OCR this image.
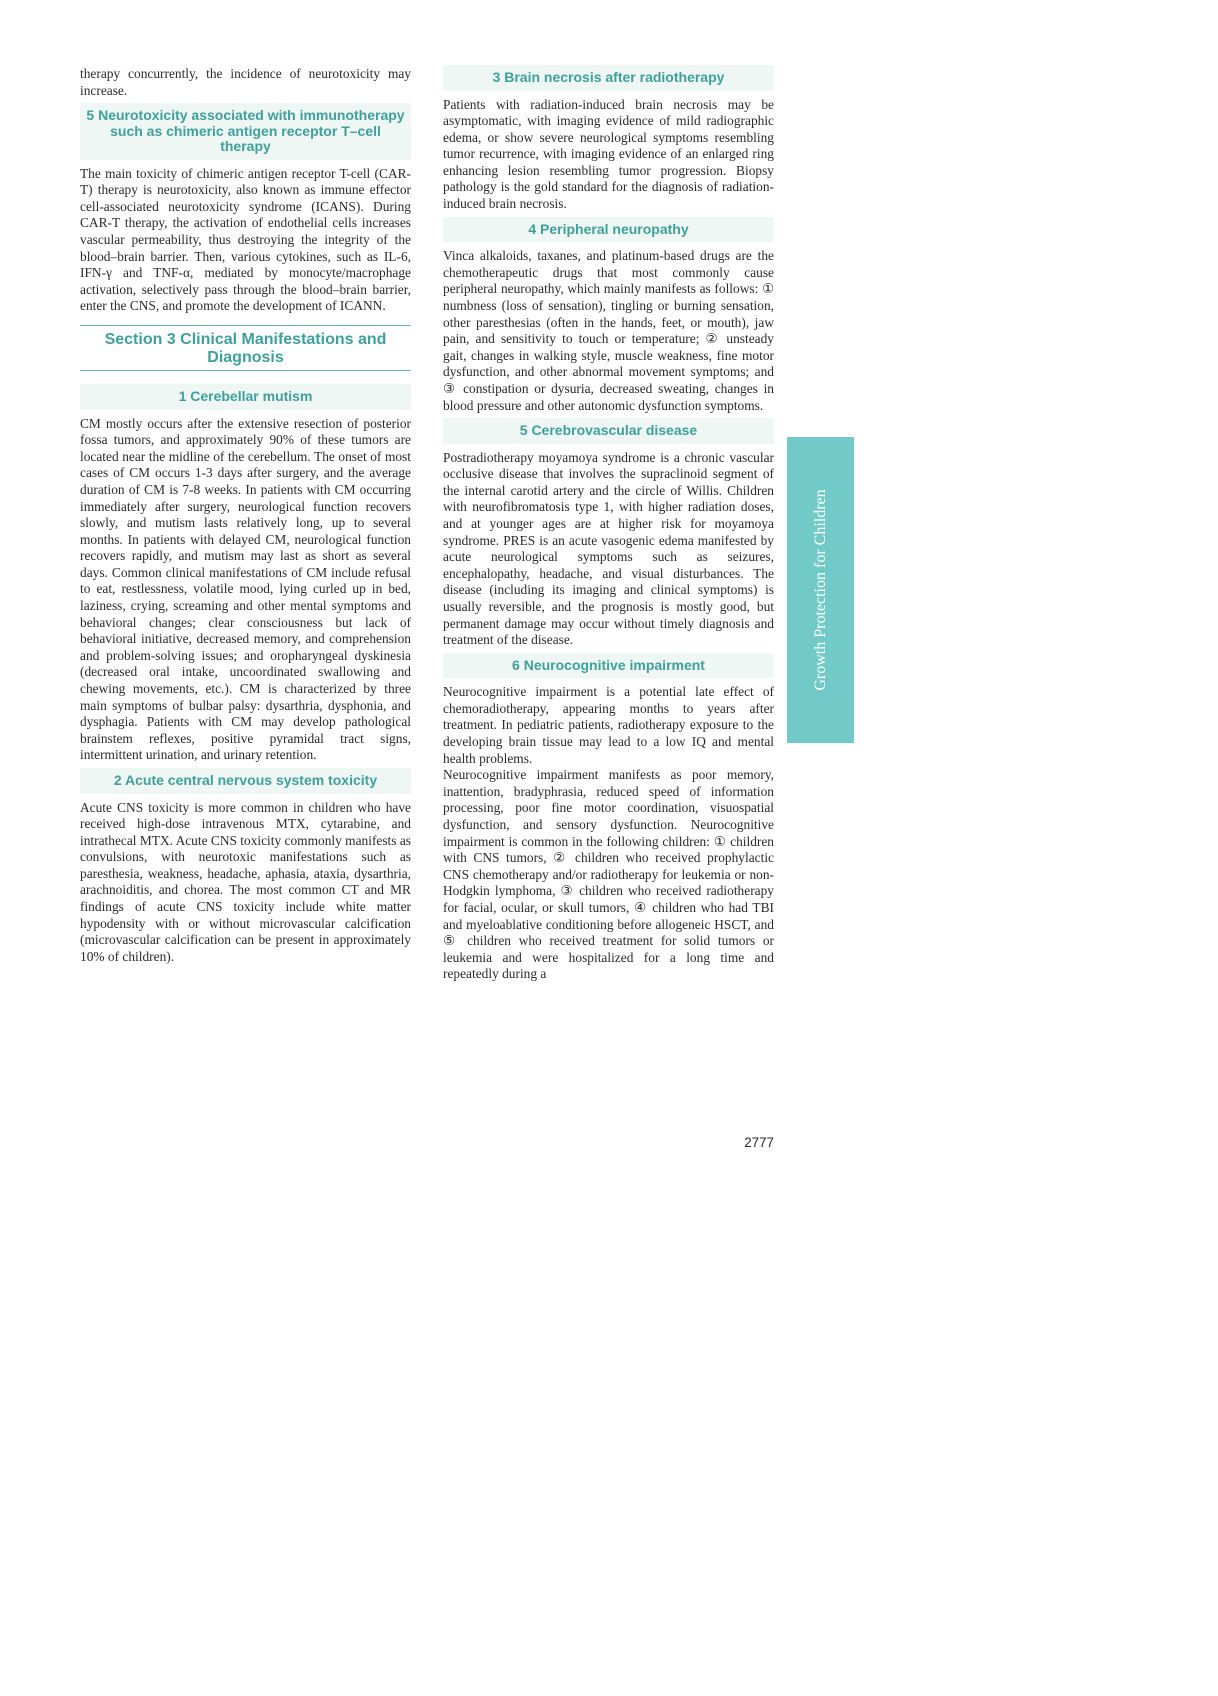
therapy concurrently, the incidence of neurotoxicity may increase.

5 Neurotoxicity associated with immunotherapy such as chimeric antigen receptor T–cell therapy

The main toxicity of chimeric antigen receptor T-cell (CAR-T) therapy is neurotoxicity, also known as immune effector cell-associated neurotoxicity syndrome (ICANS). During CAR-T therapy, the activation of endothelial cells increases vascular permeability, thus destroying the integrity of the blood–brain barrier. Then, various cytokines, such as IL-6, IFN-γ and TNF-α, mediated by monocyte/macrophage activation, selectively pass through the blood–brain barrier, enter the CNS, and promote the development of ICANN.

Section 3 Clinical Manifestations and Diagnosis
1 Cerebellar mutism

CM mostly occurs after the extensive resection of posterior fossa tumors, and approximately 90% of these tumors are located near the midline of the cerebellum. The onset of most cases of CM occurs 1-3 days after surgery, and the average duration of CM is 7-8 weeks. In patients with CM occurring immediately after surgery, neurological function recovers slowly, and mutism lasts relatively long, up to several months. In patients with delayed CM, neurological function recovers rapidly, and mutism may last as short as several days. Common clinical manifestations of CM include refusal to eat, restlessness, volatile mood, lying curled up in bed, laziness, crying, screaming and other mental symptoms and behavioral changes; clear consciousness but lack of behavioral initiative, decreased memory, and comprehension and problem-solving issues; and oropharyngeal dyskinesia (decreased oral intake, uncoordinated swallowing and chewing movements, etc.). CM is characterized by three main symptoms of bulbar palsy: dysarthria, dysphonia, and dysphagia. Patients with CM may develop pathological brainstem reflexes, positive pyramidal tract signs, intermittent urination, and urinary retention.

2 Acute central nervous system toxicity

Acute CNS toxicity is more common in children who have received high-dose intravenous MTX, cytarabine, and intrathecal MTX. Acute CNS toxicity commonly manifests as convulsions, with neurotoxic manifestations such as paresthesia, weakness, headache, aphasia, ataxia, dysarthria, arachnoiditis, and chorea. The most common CT and MR findings of acute CNS toxicity include white matter hypodensity with or without microvascular calcification (microvascular calcification can be present in approximately 10% of children).

3 Brain necrosis after radiotherapy

Patients with radiation-induced brain necrosis may be asymptomatic, with imaging evidence of mild radiographic edema, or show severe neurological symptoms resembling tumor recurrence, with imaging evidence of an enlarged ring enhancing lesion resembling tumor progression. Biopsy pathology is the gold standard for the diagnosis of radiation-induced brain necrosis.

4 Peripheral neuropathy

Vinca alkaloids, taxanes, and platinum-based drugs are the chemotherapeutic drugs that most commonly cause peripheral neuropathy, which mainly manifests as follows: ① numbness (loss of sensation), tingling or burning sensation, other paresthesias (often in the hands, feet, or mouth), jaw pain, and sensitivity to touch or temperature; ② unsteady gait, changes in walking style, muscle weakness, fine motor dysfunction, and other abnormal movement symptoms; and ③ constipation or dysuria, decreased sweating, changes in blood pressure and other autonomic dysfunction symptoms.

5 Cerebrovascular disease

Postradiotherapy moyamoya syndrome is a chronic vascular occlusive disease that involves the supraclinoid segment of the internal carotid artery and the circle of Willis. Children with neurofibromatosis type 1, with higher radiation doses, and at younger ages are at higher risk for moyamoya syndrome. PRES is an acute vasogenic edema manifested by acute neurological symptoms such as seizures, encephalopathy, headache, and visual disturbances. The disease (including its imaging and clinical symptoms) is usually reversible, and the prognosis is mostly good, but permanent damage may occur without timely diagnosis and treatment of the disease.

6 Neurocognitive impairment

Neurocognitive impairment is a potential late effect of chemoradiotherapy, appearing months to years after treatment. In pediatric patients, radiotherapy exposure to the developing brain tissue may lead to a low IQ and mental health problems.

Neurocognitive impairment manifests as poor memory, inattention, bradyphrasia, reduced speed of information processing, poor fine motor coordination, visuospatial dysfunction, and sensory dysfunction. Neurocognitive impairment is common in the following children: ① children with CNS tumors, ② children who received prophylactic CNS chemotherapy and/or radiotherapy for leukemia or non-Hodgkin lymphoma, ③ children who received radiotherapy for facial, ocular, or skull tumors, ④ children who had TBI and myeloablative conditioning before allogeneic HSCT, and ⑤ children who received treatment for solid tumors or leukemia and were hospitalized for a long time and repeatedly during a

2777
Growth Protection for Children
